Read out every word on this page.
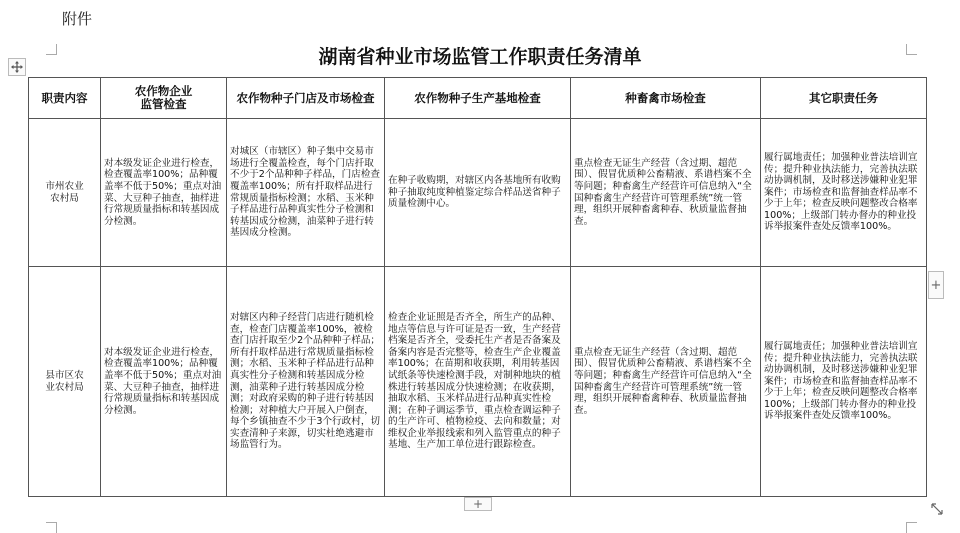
附件
湖南省种业市场监管工作职责任务清单
职责内容	农作物企业
监管检查	农作物种子门店及市场检查	农作物种子生产基地检查	种畜禽市场检查	其它职责任务
市州农业
农村局	对本级发证企业进行检查，检查覆盖率100%；品种覆盖率不低于50%；重点对油菜、大豆种子抽查，抽样进行常规质量指标和转基因成分检测。	对城区（市辖区）种子集中交易市场进行全覆盖检查，每个门店扦取不少于2个品种种子样品，门店检查覆盖率100%；所有扦取样品进行常规质量指标检测；水稻、玉米种子样品进行品种真实性分子检测和转基因成分检测，油菜种子进行转基因成分检测。	在种子收购期，对辖区内各基地所有收购种子抽取纯度种植鉴定综合样品送省种子质量检测中心。	重点检查无证生产经营（含过期、超范围）、假冒优质种公畜精液、系谱档案不全等问题；种畜禽生产经营许可信息纳入“全国种畜禽生产经营许可管理系统”统一管理，组织开展种畜禽种春、秋质量监督抽查。	履行属地责任；加强种业普法培训宣传；提升种业执法能力，完善执法联动协调机制，及时移送涉嫌种业犯罪案件；市场检查和监督抽查样品率不少于上年；检查反映问题整改合格率100%；上级部门转办督办的种业投诉举报案件查处反馈率100%。
县市区农
业农村局	对本级发证企业进行检查，检查覆盖率100%；品种覆盖率不低于50%；重点对油菜、大豆种子抽查，抽样进行常规质量指标和转基因成分检测。	对辖区内种子经营门店进行随机检查，检查门店覆盖率100%，被检查门店扦取至少2个品种种子样品；所有扦取样品进行常规质量指标检测；水稻、玉米种子样品进行品种真实性分子检测和转基因成分检测，油菜种子进行转基因成分检测；对政府采购的种子进行转基因检测；对种植大户开展入户倒查，每个乡镇抽查不少于3个行政村，切实查清种子来源，切实杜绝逃避市场监管行为。	检查企业证照是否齐全，所生产的品种、地点等信息与许可证是否一致，生产经营档案是否齐全，受委托生产者是否备案及备案内容是否完整等，检查生产企业覆盖率100%；在苗期和收获期，利用转基因试纸条等快速检测手段，对制种地块的植株进行转基因成分快速检测；在收获期，抽取水稻、玉米样品进行品种真实性检测；在种子调运季节，重点检查调运种子的生产许可、植物检疫、去向和数量；对维权企业举报线索和列入监管重点的种子基地、生产加工单位进行跟踪检查。	重点检查无证生产经营（含过期、超范围）、假冒优质种公畜精液、系谱档案不全等问题；种畜禽生产经营许可信息纳入“全国种畜禽生产经营许可管理系统”统一管理，组织开展种畜禽种春、秋质量监督抽查。	履行属地责任；加强种业普法培训宣传；提升种业执法能力，完善执法联动协调机制，及时移送涉嫌种业犯罪案件；市场检查和监督抽查样品率不少于上年；检查反映问题整改合格率100%；上级部门转办督办的种业投诉举报案件查处反馈率100%。
+
+
